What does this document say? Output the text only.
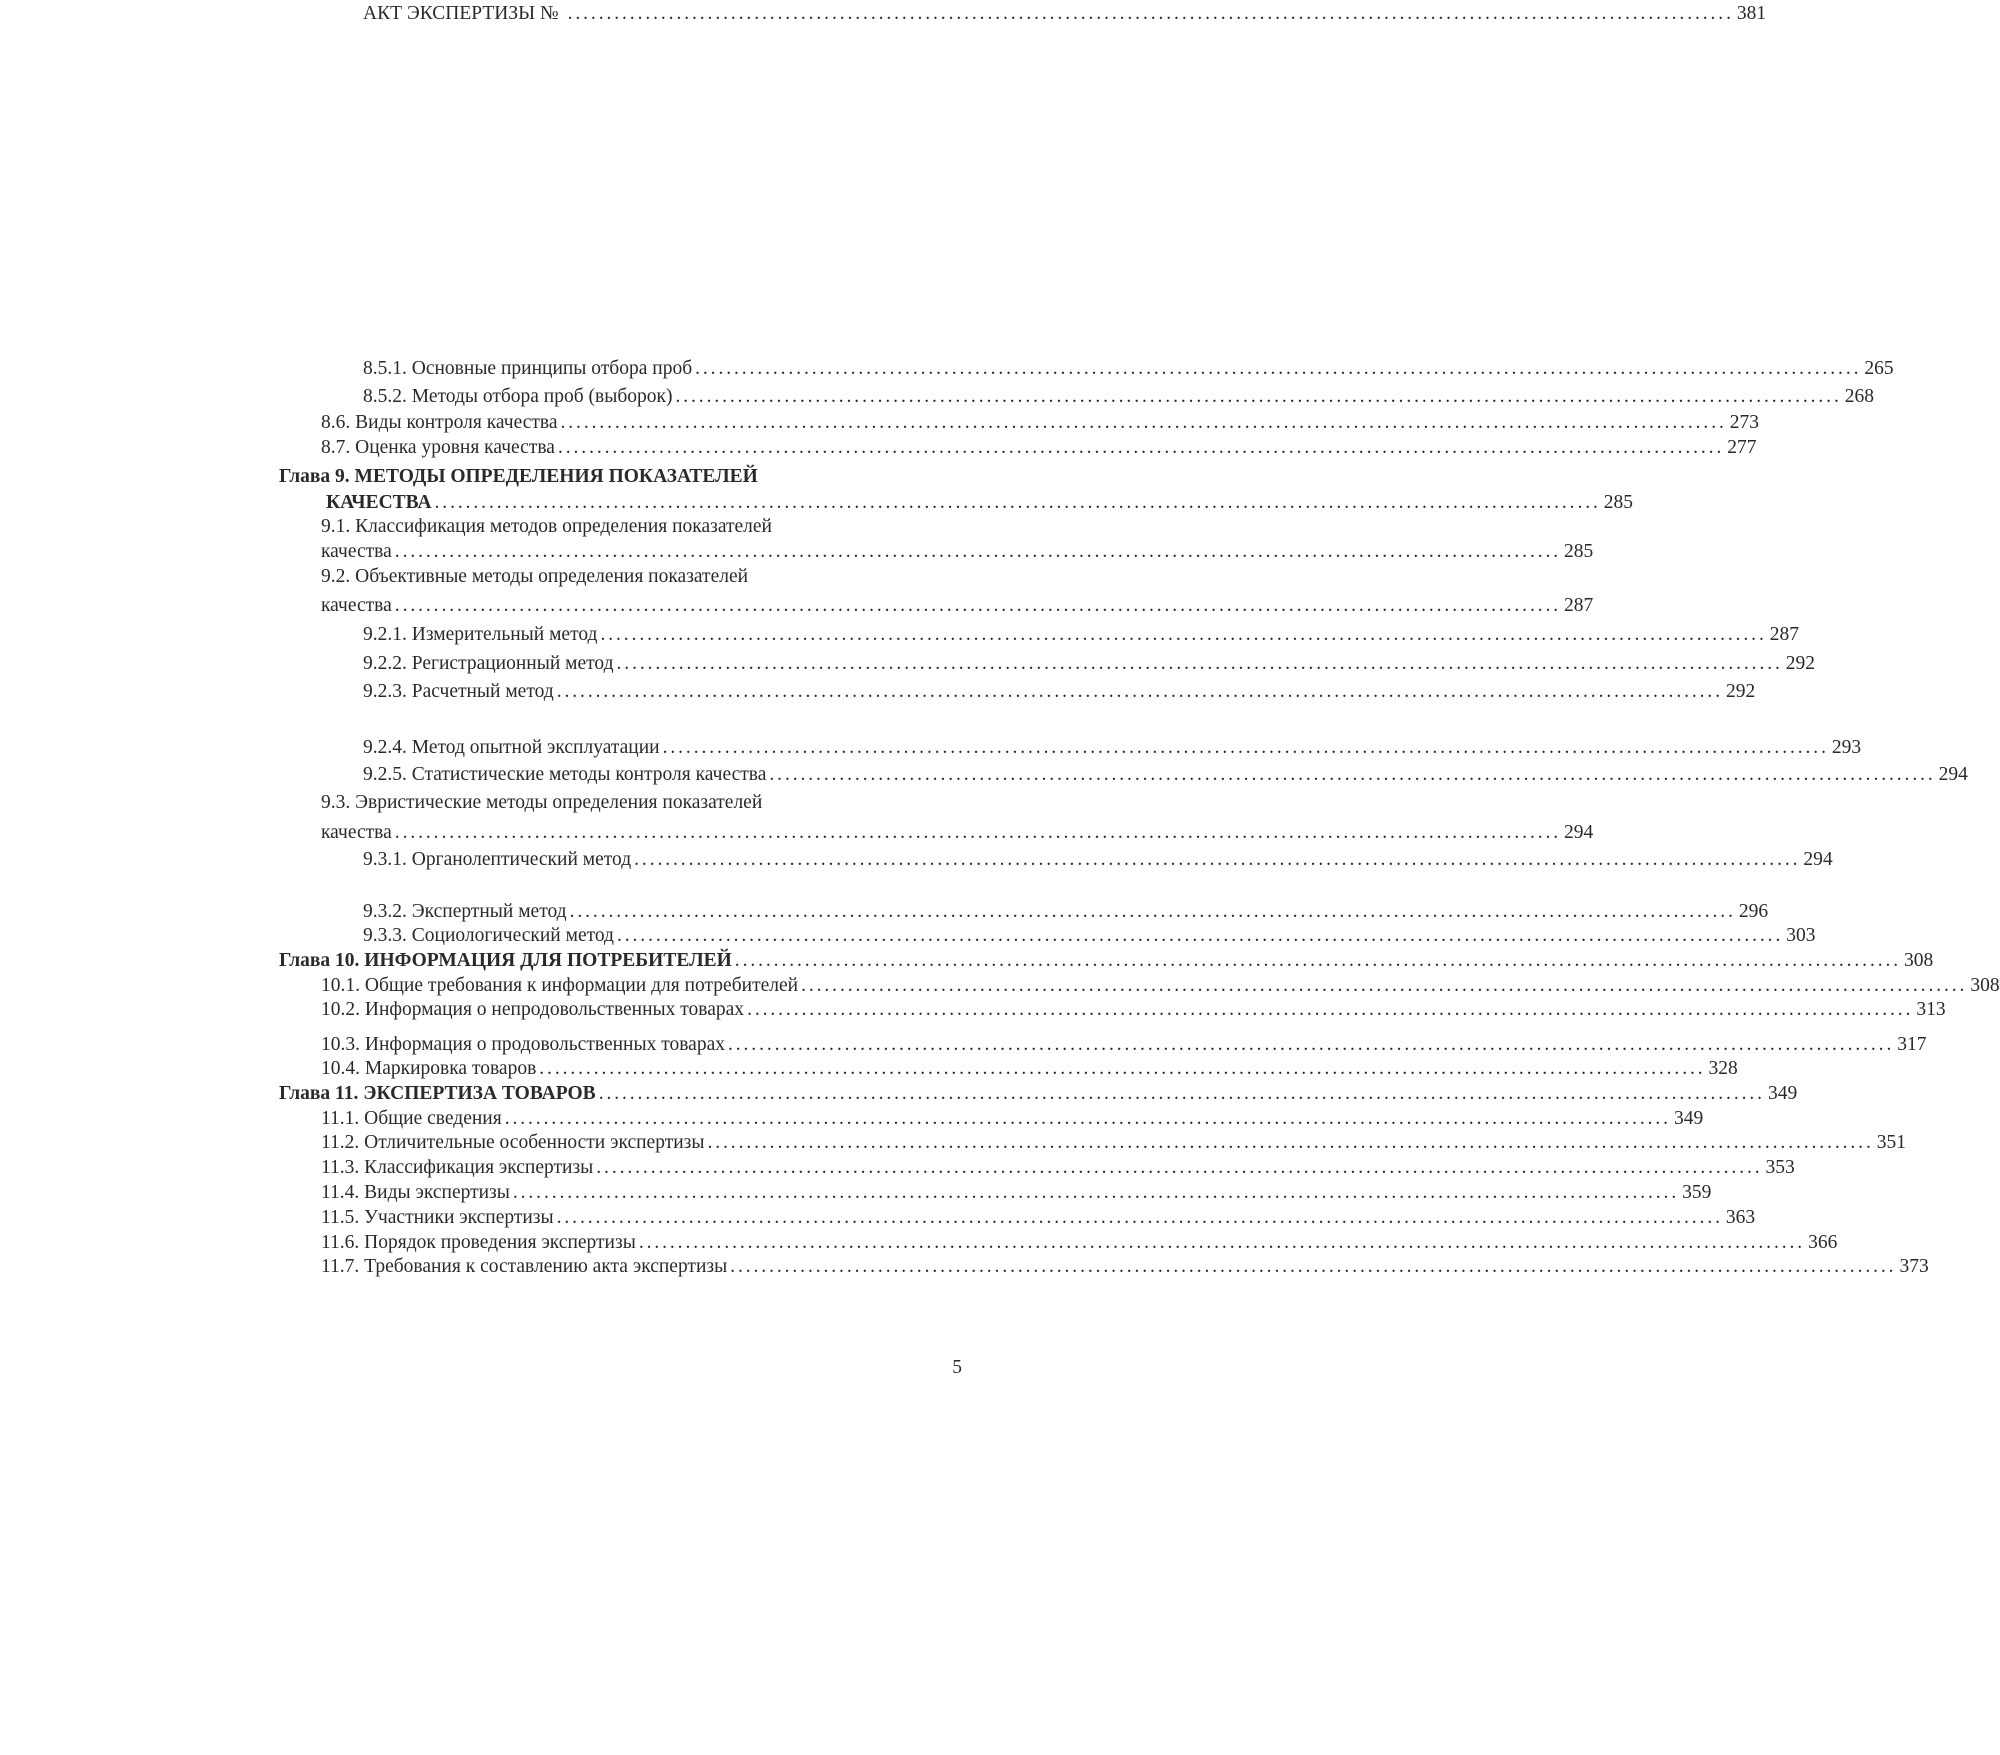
8.5.1. Основные принципы отбора проб ...................................................................................................................................................... 265
8.5.2. Методы отбора проб (выборок) ...................................................................................................................................................... 268
8.6. Виды контроля качества ...................................................................................................................................................... 273
8.7. Оценка уровня качества ...................................................................................................................................................... 277
Глава 9. МЕТОДЫ ОПРЕДЕЛЕНИЯ ПОКАЗАТЕЛЕЙ
КАЧЕСТВА ...................................................................................................................................................... 285
9.1. Классификация методов определения показателей
качества ...................................................................................................................................................... 285
9.2. Объективные методы определения показателей
качества ...................................................................................................................................................... 287
9.2.1. Измерительный метод ...................................................................................................................................................... 287
9.2.2. Регистрационный метод ...................................................................................................................................................... 292
9.2.3. Расчетный метод ...................................................................................................................................................... 292
9.2.4. Метод опытной эксплуатации ...................................................................................................................................................... 293
9.2.5. Статистические методы контроля качества ...................................................................................................................................................... 294
9.3. Эвристические методы определения показателей
качества ...................................................................................................................................................... 294
9.3.1. Органолептический метод ...................................................................................................................................................... 294
9.3.2. Экспертный метод ...................................................................................................................................................... 296
9.3.3. Социологический метод ...................................................................................................................................................... 303
Глава 10. ИНФОРМАЦИЯ ДЛЯ ПОТРЕБИТЕЛЕЙ ...................................................................................................................................................... 308
10.1. Общие требования к информации для потребителей ...................................................................................................................................................... 308
10.2. Информация о непродовольственных товарах ...................................................................................................................................................... 313
10.3. Информация о продовольственных товарах ...................................................................................................................................................... 317
10.4. Маркировка товаров ...................................................................................................................................................... 328
Глава 11. ЭКСПЕРТИЗА ТОВАРОВ ...................................................................................................................................................... 349
11.1. Общие сведения ...................................................................................................................................................... 349
11.2. Отличительные особенности экспертизы ...................................................................................................................................................... 351
11.3. Классификация экспертизы ...................................................................................................................................................... 353
11.4. Виды экспертизы ...................................................................................................................................................... 359
11.5. Участники экспертизы ...................................................................................................................................................... 363
11.6. Порядок проведения экспертизы ...................................................................................................................................................... 366
11.7. Требования к составлению акта экспертизы ...................................................................................................................................................... 373
АКТ ЭКСПЕРТИЗЫ № ...................................................................................................................................................... 381
5
